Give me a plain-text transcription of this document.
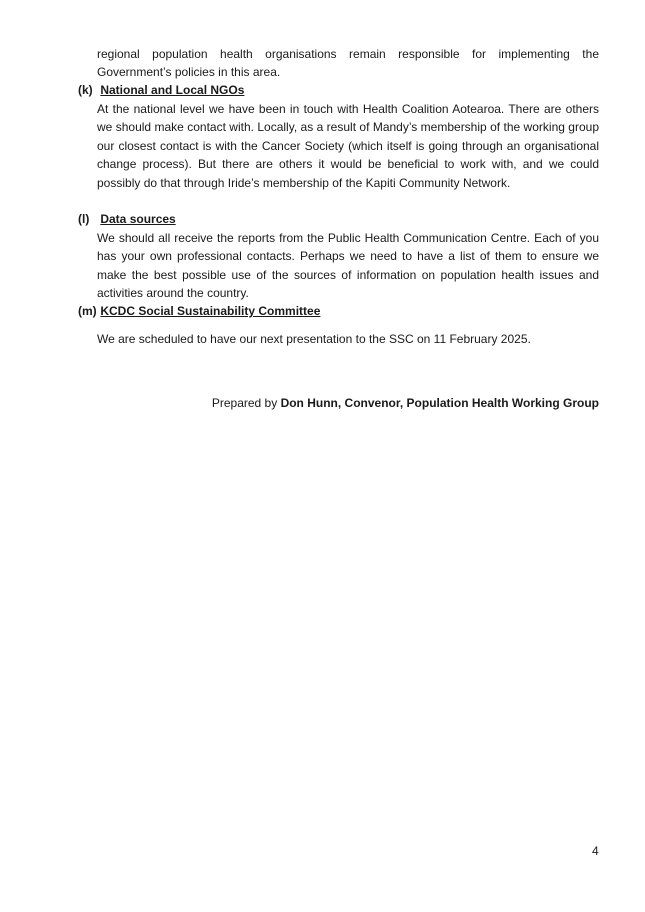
regional population health organisations remain responsible for implementing the Government’s policies in this area.

(k) National and Local NGOs

At the national level we have been in touch with Health Coalition Aotearoa. There are others we should make contact with. Locally, as a result of Mandy’s membership of the working group our closest contact is with the Cancer Society (which itself is going through an organisational change process). But there are others it would be beneficial to work with, and we could possibly do that through Iride’s membership of the Kapiti Community Network.

(l) Data sources

We should all receive the reports from the Public Health Communication Centre. Each of you has your own professional contacts. Perhaps we need to have a list of them to ensure we make the best possible use of the sources of information on population health issues and activities around the country.

(m) KCDC Social Sustainability Committee

We are scheduled to have our next presentation to the SSC on 11 February 2025.

Prepared by Don Hunn, Convenor, Population Health Working Group
4
